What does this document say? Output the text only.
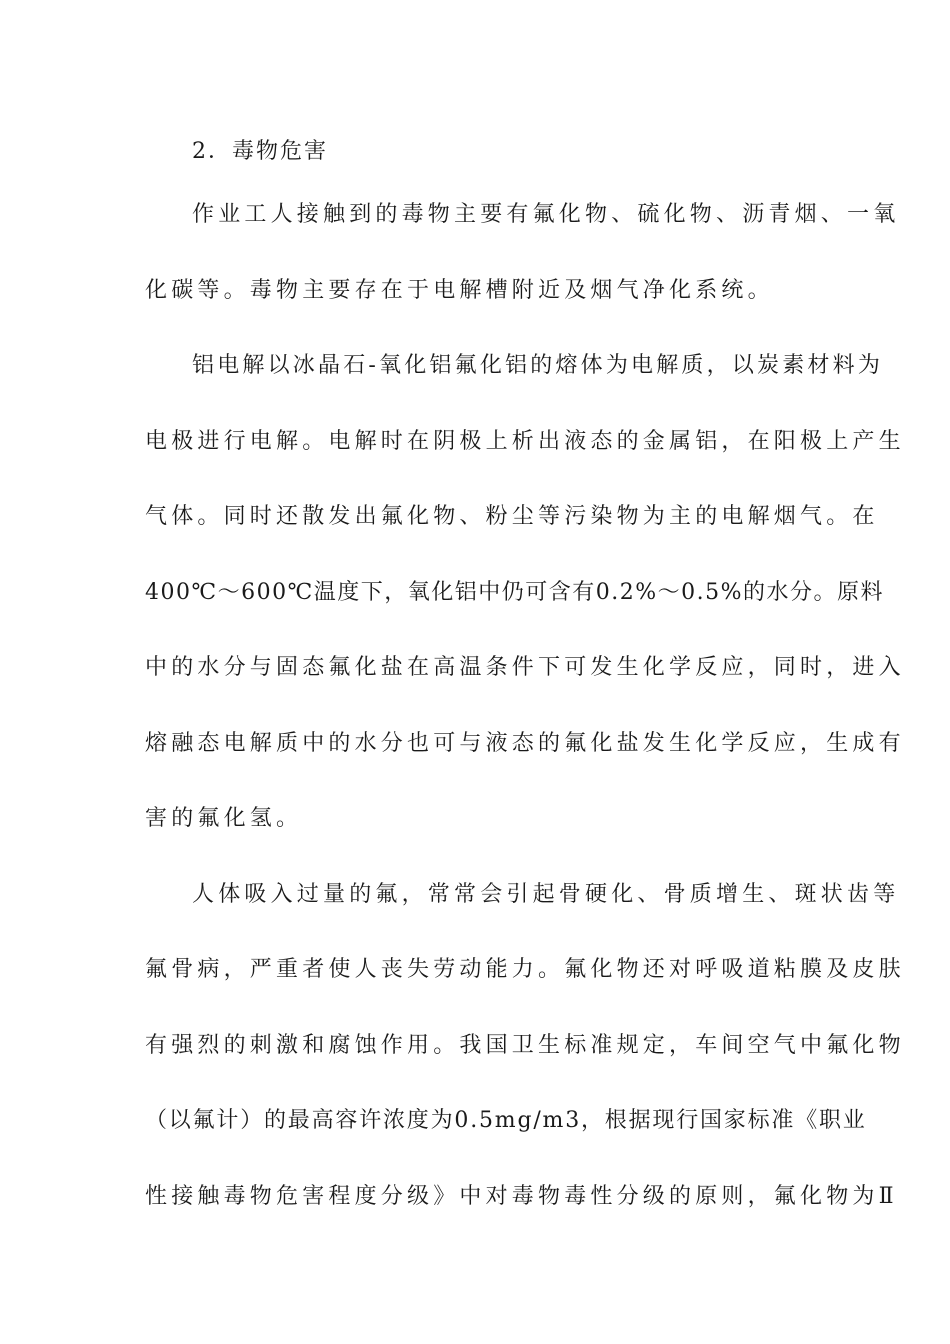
2．毒物危害
作业工人接触到的毒物主要有氟化物、硫化物、沥青烟、一氧
化碳等。毒物主要存在于电解槽附近及烟气净化系统。
铝电解以冰晶石-氧化铝氟化铝的熔体为电解质，以炭素材料为
电极进行电解。电解时在阴极上析出液态的金属铝，在阳极上产生
气体。同时还散发出氟化物、粉尘等污染物为主的电解烟气。在
400℃～600℃温度下，氧化铝中仍可含有0.2%～0.5%的水分。原料
中的水分与固态氟化盐在高温条件下可发生化学反应，同时，进入
熔融态电解质中的水分也可与液态的氟化盐发生化学反应，生成有
害的氟化氢。
人体吸入过量的氟，常常会引起骨硬化、骨质增生、斑状齿等
氟骨病，严重者使人丧失劳动能力。氟化物还对呼吸道粘膜及皮肤
有强烈的刺激和腐蚀作用。我国卫生标准规定，车间空气中氟化物
（以氟计）的最高容许浓度为0.5mg/m3，根据现行国家标准《职业
性接触毒物危害程度分级》中对毒物毒性分级的原则，氟化物为Ⅱ
